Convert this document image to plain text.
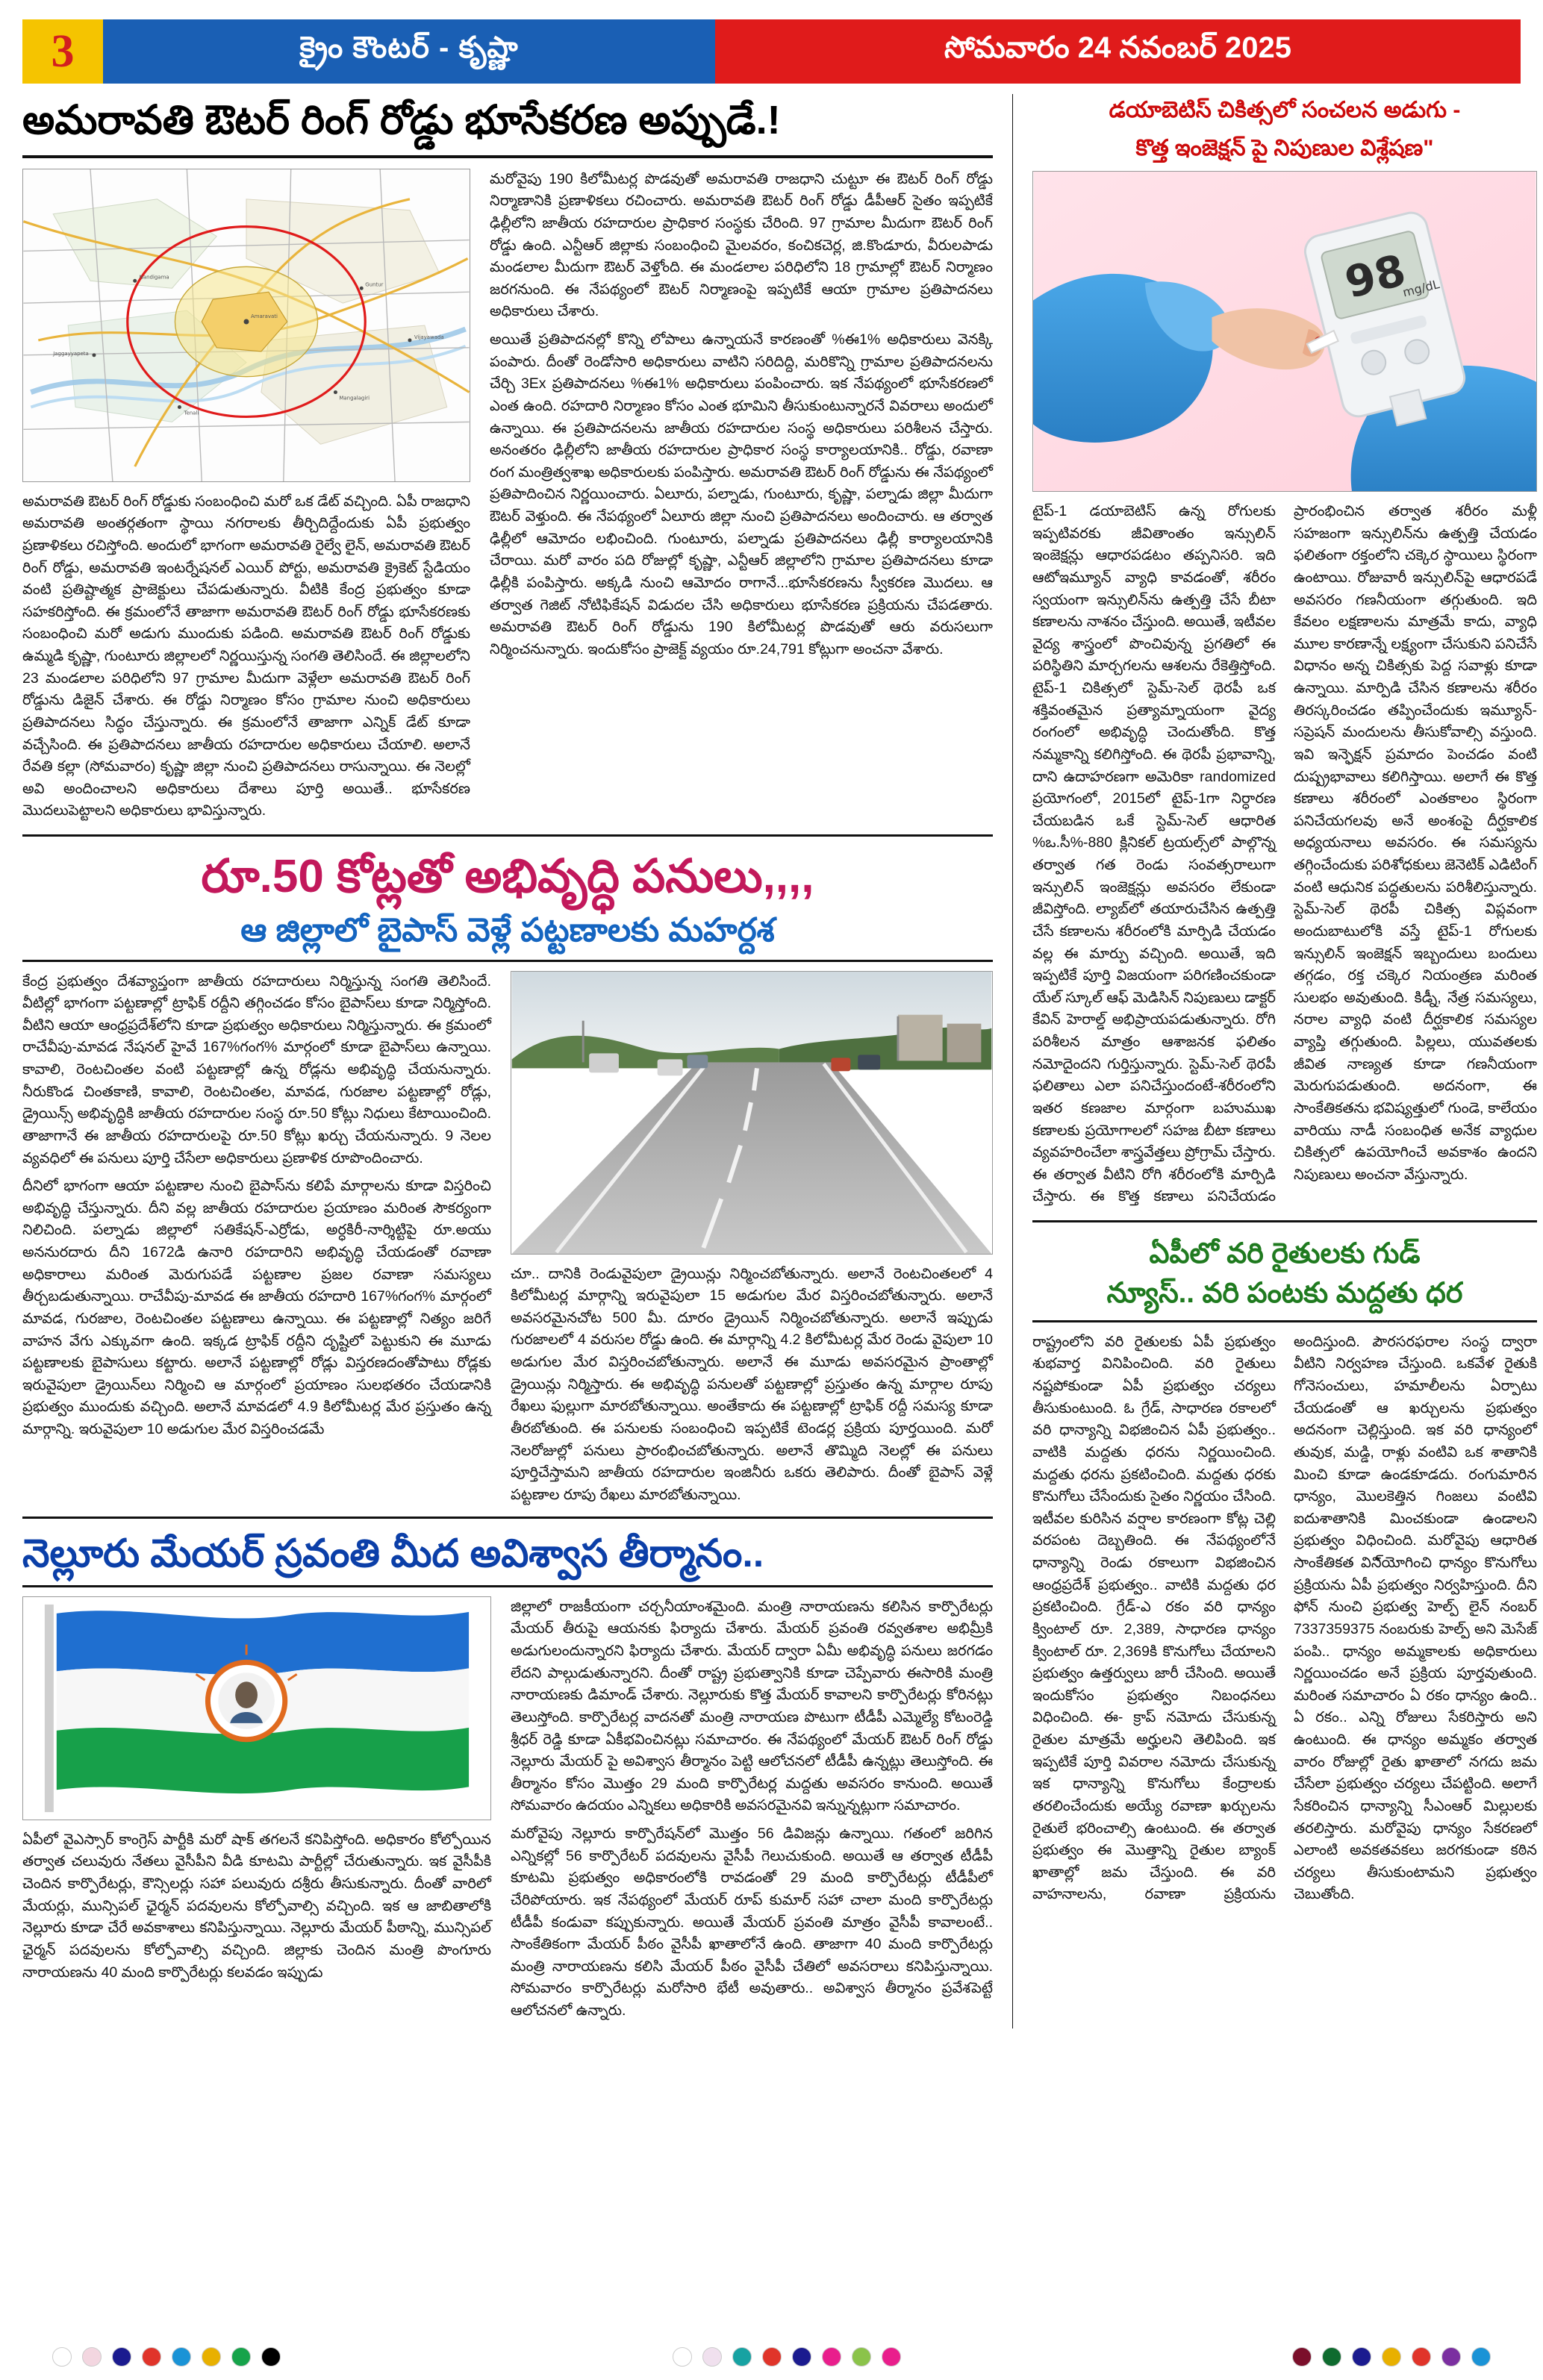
3	క్రైం కౌంటర్ - కృష్ణా	సోమవారం 24 నవంబర్ 2025
అమరావతి ఔటర్ రింగ్ రోడ్డు భూసేకరణ అప్పుడే.!
Amaravati
Nandigama
Guntur
Tenali
Mangalagiri
Vijayawada
Jaggayyapeta
అమరావతి ఔటర్ రింగ్ రోడ్డుకు సంబంధించి మరో ఒక డేట్ వచ్చింది. ఏపీ రాజధాని అమరావతి అంతర్గతంగా స్థాయి నగరాలకు తీర్చిదిద్దేందుకు ఏపీ ప్రభుత్వం ప్రణాళికలు రచిస్తోంది. అందులో భాగంగా అమరావతి రైల్వే లైన్, అమరావతి ఔటర్ రింగ్ రోడ్డు, అమరావతి ఇంటర్నేషనల్ ఎయిర్ పోర్టు, అమరావతి క్రైకెట్ స్టేడియం వంటి ప్రతిష్టాత్మక ప్రాజెక్టులు చేపడుతున్నారు. వీటికి కేంద్ర ప్రభుత్వం కూడా సహకరిస్తోంది. ఈ క్రమంలోనే తాజాగా అమరావతి ఔటర్ రింగ్ రోడ్డు భూసేకరణకు సంబంధించి మరో అడుగు ముందుకు పడింది. అమరావతి ఔటర్ రింగ్ రోడ్డుకు ఉమ్మడి కృష్ణా, గుంటూరు జిల్లాలలో నిర్ణయిస్తున్న సంగతి తెలిసిందే. ఈ జిల్లాలలోని 23 మండలాల పరిధిలోని 97 గ్రామాల మీదుగా వెళ్లేలా అమరావతి ఔటర్ రింగ్ రోడ్డును డిజైన్ చేశారు. ఈ రోడ్డు నిర్మాణం కోసం గ్రామాల నుంచి అధికారులు ప్రతిపాదనలు సిద్ధం చేస్తున్నారు. ఈ క్రమంలోనే తాజాగా ఎన్నిక్ డేట్ కూడా వచ్చేసింది. ఈ ప్రతిపాదనలు జాతీయ రహదారుల అధికారులు చేయాలి. అలానే రేవతి కల్లా (సోమవారం) కృష్ణా జిల్లా నుంచి ప్రతిపాదనలు రాసున్నాయి. ఈ నెలల్లో అవి అందించాలని అధికారులు దేశాలు పూర్తి అయితే.. భూసేకరణ మొదలుపెట్టాలని అధికారులు భావిస్తున్నారు.

మరోవైపు 190 కిలోమీటర్ల పొడవుతో అమరావతి రాజధాని చుట్టూ ఈ ఔటర్ రింగ్ రోడ్డు నిర్మాణానికి ప్రణాళికలు రచించారు. అమరావతి ఔటర్ రింగ్ రోడ్డు డీపీఆర్ సైతం ఇప్పటికే ఢిల్లీలోని జాతీయ రహదారుల ప్రాధికార సంస్థకు చేరింది. 97 గ్రామాల మీదుగా ఔటర్ రింగ్ రోడ్డు ఉంది. ఎన్టీఆర్ జిల్లాకు సంబంధించి మైలవరం, కంచికచెర్ల, జి.కొండూరు, వీరులపాడు మండలాల మీదుగా ఔటర్ వెళ్తోంది. ఈ మండలాల పరిధిలోని 18 గ్రామాల్లో ఔటర్ నిర్మాణం జరగనుంది. ఈ నేపథ్యంలో ఔటర్ నిర్మాణంపై ఇప్పటికే ఆయా గ్రామాల ప్రతిపాదనలు అధికారులు చేశారు.

అయితే ప్రతిపాదనల్లో కొన్ని లోపాలు ఉన్నాయనే కారణంతో %ఈ1% అధికారులు వెనక్కి పంపారు. దీంతో రెండోసారి అధికారులు వాటిని సరిదిద్ది, మరికొన్ని గ్రామాల ప్రతిపాదనలను చేర్చి 3Ex ప్రతిపాదనలు %ఈ1% అధికారులు పంపించారు. ఇక నేపథ్యంలో భూసేకరణలో ఎంత ఉంది. రహదారి నిర్మాణం కోసం ఎంత భూమిని తీసుకుంటున్నారనే వివరాలు అందులో ఉన్నాయి. ఈ ప్రతిపాదనలను జాతీయ రహదారుల సంస్థ అధికారులు పరిశీలన చేస్తారు. అనంతరం ఢిల్లీలోని జాతీయ రహదారుల ప్రాధికార సంస్థ కార్యాలయానికి.. రోడ్డు, రవాణా రంగ మంత్రిత్వశాఖ అధికారులకు పంపిస్తారు. అమరావతి ఔటర్ రింగ్ రోడ్డును ఈ నేపథ్యంలో ప్రతిపాదించిన నిర్ణయించారు. ఏలూరు, పల్నాడు, గుంటూరు, కృష్ణా, పల్నాడు జిల్లా మీదుగా ఔటర్ వెళ్తుంది. ఈ నేపథ్యంలో ఏలూరు జిల్లా నుంచి ప్రతిపాదనలు అందించారు. ఆ తర్వాత ఢిల్లీలో ఆమోదం లభించింది. గుంటూరు, పల్నాడు ప్రతిపాదనలు ఢిల్లీ కార్యాలయానికి చేరాయి. మరో వారం పది రోజుల్లో కృష్ణా, ఎన్టీఆర్ జిల్లాలోని గ్రామాల ప్రతిపాదనలు కూడా ఢిల్లీకి పంపిస్తారు. అక్కడి నుంచి ఆమోదం రాగానే...భూసేకరణను స్వీకరణ మొదలు. ఆ తర్వాత గెజిట్ నోటిఫికేషన్ విడుదల చేసి అధికారులు భూసేకరణ ప్రక్రియను చేపడతారు. అమరావతి ఔటర్ రింగ్ రోడ్డును 190 కిలోమీటర్ల పొడవుతో ఆరు వరుసలుగా నిర్మించనున్నారు. ఇందుకోసం ప్రాజెక్ట్ వ్యయం రూ.24,791 కోట్లుగా అంచనా వేశారు.

రూ.50 కోట్లతో అభివృద్ధి పనులు,,,,
ఆ జిల్లాలో బైపాస్ వెళ్లే పట్టణాలకు మహర్దశ

కేంద్ర ప్రభుత్వం దేశవ్యాప్తంగా జాతీయ రహదారులు నిర్మిస్తున్న సంగతి తెలిసిందే. వీటిల్లో భాగంగా పట్టణాల్లో ట్రాఫిక్ రద్దీని తగ్గించడం కోసం బైపాస్‌లు కూడా నిర్మిస్తోంది. వీటిని ఆయా ఆంధ్రప్రదేశ్‌లోని కూడా ప్రభుత్వం అధికారులు నిర్మిస్తున్నారు. ఈ క్రమంలో రాచేవీపు-మావడ నేషనల్ హైవే 167%గంగ% మార్గంలో కూడా బైపాస్‌లు ఉన్నాయి. కావాలి, రెంటచింతల వంటి పట్టణాల్లో ఉన్న రోడ్లను అభివృద్ధి చేయనున్నారు. నీరుకొండ చింతకాణి, కావాలి, రెంటచింతల, మావడ, గురజాల పట్టణాల్లో రోడ్లు, డ్రైయిన్స్ అభివృద్ధికి జాతీయ రహదారుల సంస్థ రూ.50 కోట్లు నిధులు కేటాయించింది. తాజాగానే ఈ జాతీయ రహదారులపై రూ.50 కోట్లు ఖర్చు చేయనున్నారు. 9 నెలల వ్యవధిలో ఈ పనులు పూర్తి చేసేలా అధికారులు ప్రణాళిక రూపొందించారు.

దీనిలో భాగంగా ఆయా పట్టణాల నుంచి బైపాస్‌ను కలిపే మార్గాలను కూడా విస్తరించి అభివృద్ధి చేస్తున్నారు. దీని వల్ల జాతీయ రహదారుల ప్రయాణం మరింత సౌకర్యంగా నిలిచింది. పల్నాడు జిల్లాలో సతికేషన్-ఎర్రోడు, అర్ధకిరీ-నార్శిట్టిపై రూ.అయు అననురదారు దీని 1672డి ఉనారి రహదారిని అభివృద్ధి చేయడంతో రవాణా అధికారాలు మరింత మెరుగుపడే పట్టణాల ప్రజల రవాణా సమస్యలు తీర్చబడుతున్నాయి. రాచేవీపు-మావడ ఈ జాతీయ రహదారి 167%గంగ% మార్గంలో మావడ, గురజాల, రెంటచింతల పట్టణాలు ఉన్నాయి. ఈ పట్టణాల్లో నిత్యం జరిగే వాహన వేగు ఎక్కువగా ఉంది. ఇక్కడ ట్రాఫిక్ రద్దీని దృష్టిలో పెట్టుకుని ఈ మూడు పట్టణాలకు బైపాసులు కట్టారు. అలానే పట్టణాల్లో రోడ్లు విస్తరణదంతోపాటు రోడ్లకు ఇరువైపులా డ్రైయిన్‌లు నిర్మించి ఆ మార్గంలో ప్రయాణం సులభతరం చేయడానికి ప్రభుత్వం ముందుకు వచ్చింది. అలానే మావడలో 4.9 కిలోమీటర్ల మేర ప్రస్తుతం ఉన్న మార్గాన్ని. ఇరువైపులా 10 అడుగుల మేర విస్తరించడమే

చూ.. దానికి రెండువైపులా డ్రైయిన్లు నిర్మించబోతున్నారు. అలానే రెంటచింతలలో 4 కిలోమీటర్ల మార్గాన్ని ఇరువైపులా 15 అడుగుల మేర విస్తరించబోతున్నారు. అలానే అవసరమైనచోట 500 మీ. దూరం డ్రైయిన్ నిర్మించబోతున్నారు. అలానే ఇప్పుడు గురజాలలో 4 వరుసల రోడ్డు ఉంది. ఈ మార్గాన్ని 4.2 కిలోమీటర్ల మేర రెండు వైపులా 10 అడుగుల మేర విస్తరించబోతున్నారు. అలానే ఈ మూడు అవసరమైన ప్రాంతాల్లో డ్రైయిన్లు నిర్మిస్తారు. ఈ అభివృద్ధి పనులతో పట్టణాల్లో ప్రస్తుతం ఉన్న మార్గాల రూపు రేఖలు ఫుల్లుగా మారబోతున్నాయి. అంతేకాదు ఈ పట్టణాల్లో ట్రాఫిక్ రద్దీ సమస్య కూడా తీరబోతుంది. ఈ పనులకు సంబంధించి ఇప్పటికే టెండర్ల ప్రక్రియ పూర్తయింది. మరో నెలరోజుల్లో పనులు ప్రారంభించబోతున్నారు. అలానే తొమ్మిది నెలల్లో ఈ పనులు పూర్తిచేస్తామని జాతీయ రహదారుల ఇంజినీరు ఒకరు తెలిపారు. దీంతో బైపాస్ వెళ్లే పట్టణాల రూపు రేఖలు మారబోతున్నాయి.
నెల్లూరు మేయర్ స్రవంతి మీద అవిశ్వాస తీర్మానం..
ఏపీలో వైఎస్సార్ కాంగ్రెస్ పార్టీకి మరో షాక్ తగలనే కనిపిస్తోంది. అధికారం కోల్పోయిన తర్వాత చలువురు నేతలు వైసీపీని వీడి కూటమి పార్టీల్లో చేరుతున్నారు. ఇక వైసీపీకి చెందిన కార్పొరేటర్లు, కౌన్సిలర్లు సహా పలువురు దశ్రీరు తీసుకున్నారు. దీంతో వారిలో మేయర్లు, మున్సిపల్ ఛైర్మన్ పదవులను కోల్పోవాల్సి వచ్చింది. ఇక ఆ జాబితాలోకి నెల్లూరు కూడా చేరే అవకాశాలు కనిపిస్తున్నాయి. నెల్లూరు మేయర్ పీఠాన్ని, మున్సిపల్ ఛైర్మన్ పదవులను కోల్పోవాల్సి వచ్చింది. జిల్లాకు చెందిన మంత్రి పొంగూరు నారాయణను 40 మంది కార్పొరేటర్లు కలవడం ఇప్పుడు

జిల్లాలో రాజకీయంగా చర్చనీయాంశమైంది. మంత్రి నారాయణను కలిసిన కార్పొరేటర్లు మేయర్ తీరుపై ఆయనకు ఫిర్యాదు చేశారు. మేయర్ ప్రవంతి రవ్వతశాల అభిమ్రీకి అడుగులందున్నారని ఫిర్యాదు చేశారు. మేయర్ ద్వారా ఏమీ అభివృద్ధి పనులు జరగడం లేదని పాల్గుడుతున్నారని. దీంతో రాష్ట్ర ప్రభుత్వానికి కూడా చెప్పేవారు ఈసారికి మంత్రి నారాయణకు డిమాండ్ చేశారు. నెల్లూరుకు కొత్త మేయర్ కావాలని కార్పొరేటర్లు కోరినట్లు తెలుస్తోంది. కార్పొరేటర్ల వాదనతో మంత్రి నారాయణ పొటుగా టీడీపీ ఎమ్మెల్యే కోటంరెడ్డి శ్రీధర్ రెడ్డి కూడా ఏకీభవించినట్లు సమాచారం. ఈ నేపథ్యంలో మేయర్ ఔటర్ రింగ్ రోడ్డు నెల్లూరు మేయర్ పై అవిశ్వాస తీర్మానం పెట్టి ఆలోచనలో టీడీపీ ఉన్నట్లు తెలుస్తోంది. ఈ తీర్మానం కోసం మొత్తం 29 మంది కార్పొరేటర్ల మద్దతు అవసరం కానుంది. అయితే సోమవారం ఉదయం ఎన్నికలు అధికారికి అవసరమైనవి ఇన్నున్నట్లుగా సమాచారం.

మరోవైపు నెల్లూరు కార్పొరేషన్‌లో మొత్తం 56 డివిజన్లు ఉన్నాయి. గతంలో జరిగిన ఎన్నికల్లో 56 కార్పొరేటర్ పదవులను వైసీపీ గెలుచుకుంది. అయితే ఆ తర్వాత టీడీపీ కూటమి ప్రభుత్వం అధికారంలోకి రావడంతో 29 మంది కార్పొరేటర్లు టీడీపీలో చేరిపోయారు. ఇక నేపథ్యంలో మేయర్ రూప్ కుమార్ సహా చాలా మంది కార్పొరేటర్లు టీడీపీ కండువా కప్పుకున్నారు. అయితే మేయర్ ప్రవంతి మాత్రం వైసీపీ కావాలంటే.. సాంకేతికంగా మేయర్ పీఠం వైసీపీ ఖాతాలోనే ఉంది. తాజాగా 40 మంది కార్పొరేటర్లు మంత్రి నారాయణను కలిసి మేయర్ పీఠం వైసీపీ చేతిలో అవసరాలు కనిపిస్తున్నాయి. సోమవారం కార్పొరేటర్లు మరోసారి భేటీ అవుతారు.. అవిశ్వాస తీర్మానం ప్రవేశపెట్టే ఆలోచనలో ఉన్నారు.

డయాబెటిస్ చికిత్సలో సంచలన అడుగు -
కొత్త ఇంజెక్షన్ పై నిపుణుల విశ్లేషణ"
98
mg/dL
టైప్-1 డయాబెటిస్ ఉన్న రోగులకు ఇప్పటివరకు జీవితాంతం ఇన్సులిన్ ఇంజెక్షన్లు ఆధారపడటం తప్పనిసరి. ఇది ఆటోఇమ్యూన్ వ్యాధి కావడంతో, శరీరం స్వయంగా ఇన్సులిన్‌ను ఉత్పత్తి చేసే బీటా కణాలను నాశనం చేస్తుంది. అయితే, ఇటీవల వైద్య శాస్త్రంలో పొంచివున్న ప్రగతిలో ఈ పరిస్థితిని మార్చగలను ఆశలను రేకెత్తిస్తోంది. టైప్-1 చికిత్సలో స్టెమ్-సెల్ థెరపీ ఒక శక్తివంతమైన ప్రత్యామ్నాయంగా వైద్య రంగంలో అభివృద్ధి చెందుతోంది. కొత్త నమ్మకాన్ని కలిగిస్తోంది. ఈ థెరపీ ప్రభావాన్ని, దాని ఉదాహరణగా అమెరికా randomized ప్రయోగంలో, 2015లో టైప్-1గా నిర్ధారణ చేయబడిన ఒకే స్టెమ్-సెల్ ఆధారిత %ఒ.సీ%-880 క్లినికల్ ట్రయల్స్‌లో పాల్గొన్న తర్వాత గత రెండు సంవత్సరాలుగా ఇన్సులిన్ ఇంజెక్షన్లు అవసరం లేకుండా జీవిస్తోంది. ల్యాబ్‌లో తయారుచేసిన ఉత్పత్తి చేసే కణాలను శరీరంలోకి మార్పిడి చేయడం వల్ల ఈ మార్పు వచ్చింది. అయితే, ఇది ఇప్పటికే పూర్తి విజయంగా పరిగణించకుండా యేల్ స్కూల్ ఆఫ్ మెడిసిన్ నిపుణులు డాక్టర్ కేవిన్ హెరాల్డ్ అభిప్రాయపడుతున్నారు. రోగి పరిశీలన మాత్రం ఆశాజనక ఫలితం నమోదైందని గుర్తిస్తున్నారు. స్టెమ్-సెల్ థెరపీ ఫలితాలు ఎలా పనిచేస్తుందంటే-శరీరంలోని ఇతర కణజాల మార్గంగా బహుముఖ కణాలకు ప్రయోగాలలో సహజ బీటా కణాలు వ్యవహరించేలా శాస్త్రవేత్తలు ప్రోగ్రామ్ చేస్తారు. ఈ తర్వాత వీటిని రోగి శరీరంలోకి మార్పిడి చేస్తారు. ఈ కొత్త కణాలు పనిచేయడం ప్రారంభించిన తర్వాత శరీరం మళ్లీ సహజంగా ఇన్సులిన్‌ను ఉత్పత్తి చేయడం ఫలితంగా రక్తంలోని చక్కెర స్థాయిలు స్థిరంగా ఉంటాయి. రోజువారీ ఇన్సులిన్‌పై ఆధారపడే అవసరం గణనీయంగా తగ్గుతుంది. ఇది కేవలం లక్షణాలను మాత్రమే కాదు, వ్యాధి మూల కారణాన్నే లక్ష్యంగా చేసుకుని పనిచేసే విధానం అన్న చికిత్సకు పెద్ద సవాళ్లు కూడా ఉన్నాయి. మార్పిడి చేసిన కణాలను శరీరం తిరస్కరించడం తప్పించేందుకు ఇమ్యూన్-సప్రెషన్ మందులను తీసుకోవాల్సి వస్తుంది. ఇవి ఇన్ఫెక్షన్ ప్రమాదం పెంచడం వంటి దుష్ప్రభావాలు కలిగిస్తాయి. అలాగే ఈ కొత్త కణాలు శరీరంలో ఎంతకాలం స్థిరంగా పనిచేయగలవు అనే అంశంపై దీర్ఘకాలిక అధ్యయనాలు అవసరం. ఈ సమస్యను తగ్గించేందుకు పరిశోధకులు జెనెటిక్ ఎడిటింగ్ వంటి ఆధునిక పద్ధతులను పరిశీలిస్తున్నారు. స్టెమ్-సెల్ థెరపీ చికిత్స విప్లవంగా అందుబాటులోకి వస్తే టైప్-1 రోగులకు ఇన్సులిన్ ఇంజెక్షన్ ఇబ్బందులు బందులు తగ్గడం, రక్త చక్కెర నియంత్రణ మరింత సులభం అవుతుంది. కిడ్నీ, నేత్ర సమస్యలు, నరాల వ్యాధి వంటి దీర్ఘకాలిక సమస్యల వ్యాప్తి తగ్గుతుంది. పిల్లలు, యువతలకు జీవిత నాణ్యత కూడా గణనీయంగా మెరుగుపడుతుంది. అదనంగా, ఈ సాంకేతికతను భవిష్యత్తులో గుండె, కాలేయం వారియు నాడీ సంబంధిత అనేక వ్యాధుల చికిత్సలో ఉపయోగించే అవకాశం ఉందని నిపుణులు అంచనా వేస్తున్నారు.
ఏపీలో వరి రైతులకు గుడ్
న్యూస్.. వరి పంటకు మద్దతు ధర
రాష్ట్రంలోని వరి రైతులకు ఏపీ ప్రభుత్వం శుభవార్త వినిపించింది. వరి రైతులు నష్టపోకుండా ఏపీ ప్రభుత్వం చర్యలు తీసుకుంటుంది. ఓ గ్రేడ్, సాధారణ రకాలలో వరి ధాన్యాన్ని విభజించిన ఏపీ ప్రభుత్వం.. వాటికి మద్దతు ధరను నిర్ణయించింది. మద్దతు ధరను ప్రకటించింది. మద్దతు ధరకు కొనుగోలు చేసేందుకు సైతం నిర్ణయం చేసింది. ఇటీవల కురిసిన వర్షాల కారణంగా కోట్ల చెల్లి వరపంట దెబ్బతింది. ఈ నేపథ్యంలోనే ధాన్యాన్ని రెండు రకాలుగా విభజించిన ఆంధ్రప్రదేశ్ ప్రభుత్వం.. వాటికి మద్దతు ధర ప్రకటించింది. గ్రేడ్-ఎ రకం వరి ధాన్యం క్వింటాల్ రూ. 2,389, సాధారణ ధాన్యం క్వింటాల్ రూ. 2,369కి కొనుగోలు చేయాలని ప్రభుత్వం ఉత్తర్వులు జారీ చేసింది. అయితే ఇందుకోసం ప్రభుత్వం నిబంధనలు విధించింది. ఈ- క్రాప్ నమోదు చేసుకున్న రైతుల మాత్రమే అర్హులని తెలిపింది. ఇక ఇప్పటికే పూర్తి వివరాల నమోదు చేసుకున్న ఇక ధాన్యాన్ని కొనుగోలు కేంద్రాలకు తరలించేందుకు అయ్యే రవాణా ఖర్చులను రైతులే భరించాల్సి ఉంటుంది. ఈ తర్వాత ప్రభుత్వం ఈ మొత్తాన్ని రైతుల బ్యాంక్ ఖాతాల్లో జమ చేస్తుంది. ఈ వరి వాహనాలను, రవాణా ప్రక్రియను అందిస్తుంది. పౌరసరఫరాల సంస్థ ద్వారా వీటిని నిర్వహణ చేస్తుంది. ఒకవేళ రైతుకి గోనెసంచులు, హమాలీలను ఏర్పాటు చేయడంతో ఆ ఖర్చులను ప్రభుత్వం అదనంగా చెల్లిస్తుంది. ఇక వరి ధాన్యంలో తువుక, మడ్డి, రాళ్లు వంటివి ఒక శాతానికి మించి కూడా ఉండకూడదు. రంగుమారిన ధాన్యం, మొలకెత్తిన గింజలు వంటివి ఐదుశాతానికి మించకుండా ఉండాలని ప్రభుత్వం విధించింది. మరోవైపు ఆధారిత సాంకేతికత విని్యోగించి ధాన్యం కొనుగోలు ప్రక్రియను ఏపీ ప్రభుత్వం నిర్వహిస్తుంది. దీని ఫోన్ నుంచి ప్రభుత్వ హెల్ప్ లైన్ నంబర్ 7337359375 నంబరుకు హెల్ప్ అని మెసేజ్ పంపి.. ధాన్యం అమ్మకాలకు అధికారులు నిర్ణయించడం అనే ప్రక్రియ పూర్తవుతుంది. మరింత సమాచారం ఏ రకం ధాన్యం ఉంది.. ఏ రకం.. ఎన్ని రోజులు సేకరిస్తారు అని ఉంటుంది. ఈ ధాన్యం అమ్మకం తర్వాత వారం రోజుల్లో రైతు ఖాతాలో నగదు జమ చేసేలా ప్రభుత్వం చర్యలు చేపట్టింది. అలాగే సేకరించిన ధాన్యాన్ని సీఎంఆర్ మిల్లులకు తరలిస్తారు. మరోవైపు ధాన్యం సేకరణలో ఎలాంటి అవకతవకలు జరగకుండా కఠిన చర్యలు తీసుకుంటామని ప్రభుత్వం చెబుతోంది.
